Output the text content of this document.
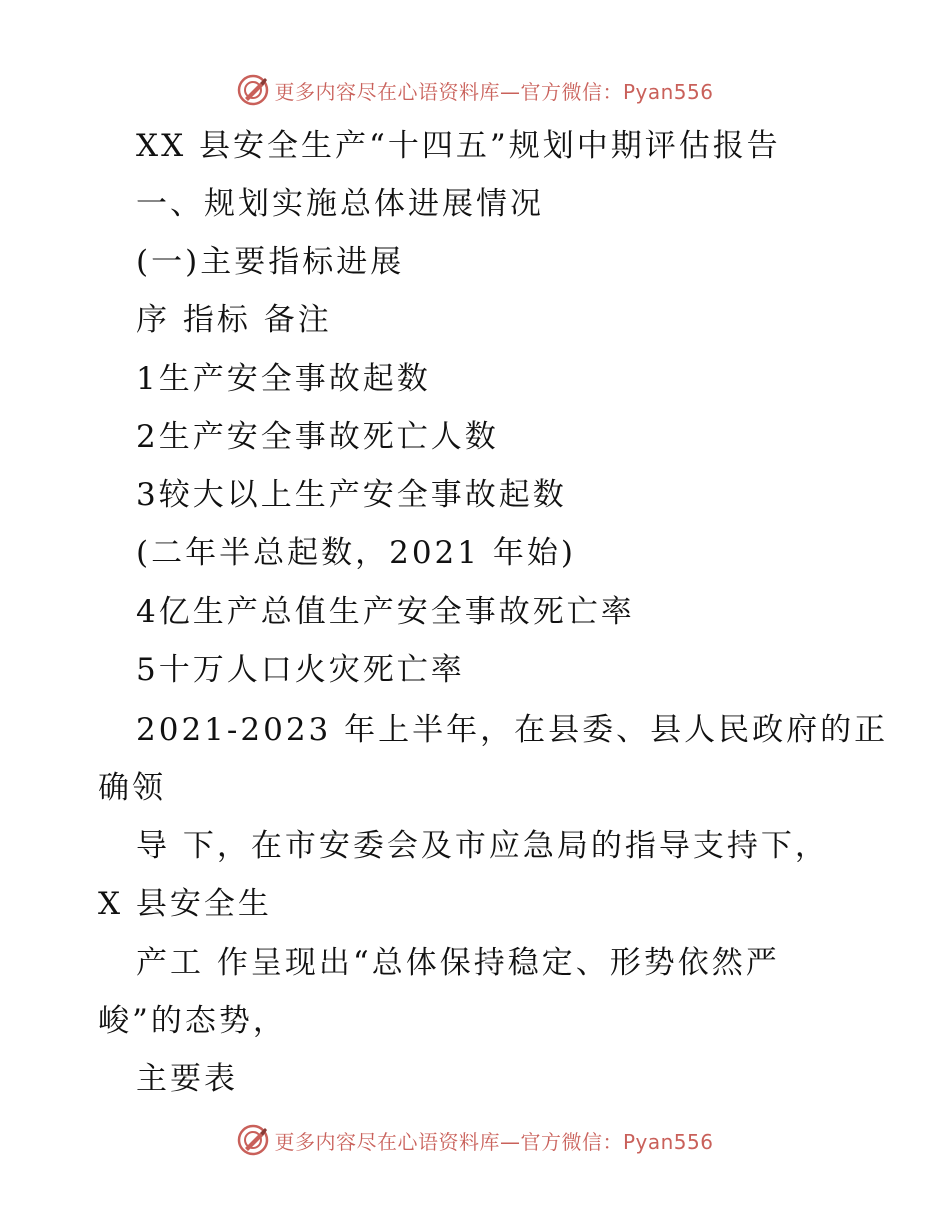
更多内容尽在心语资料库—官方微信：Pyan556
XX 县安全生产“十四五”规划中期评估报告
一、规划实施总体进展情况
(一)主要指标进展
序 指标 备注
1生产安全事故起数
2生产安全事故死亡人数
3较大以上生产安全事故起数
(二年半总起数，2021 年始)
4亿生产总值生产安全事故死亡率
5十万人口火灾死亡率
2021-2023 年上半年，在县委、县人民政府的正
确领
导 下，在市安委会及市应急局的指导支持下，
X 县安全生
产工 作呈现出“总体保持稳定、形势依然严
峻”的态势，
主要表
更多内容尽在心语资料库—官方微信：Pyan556
